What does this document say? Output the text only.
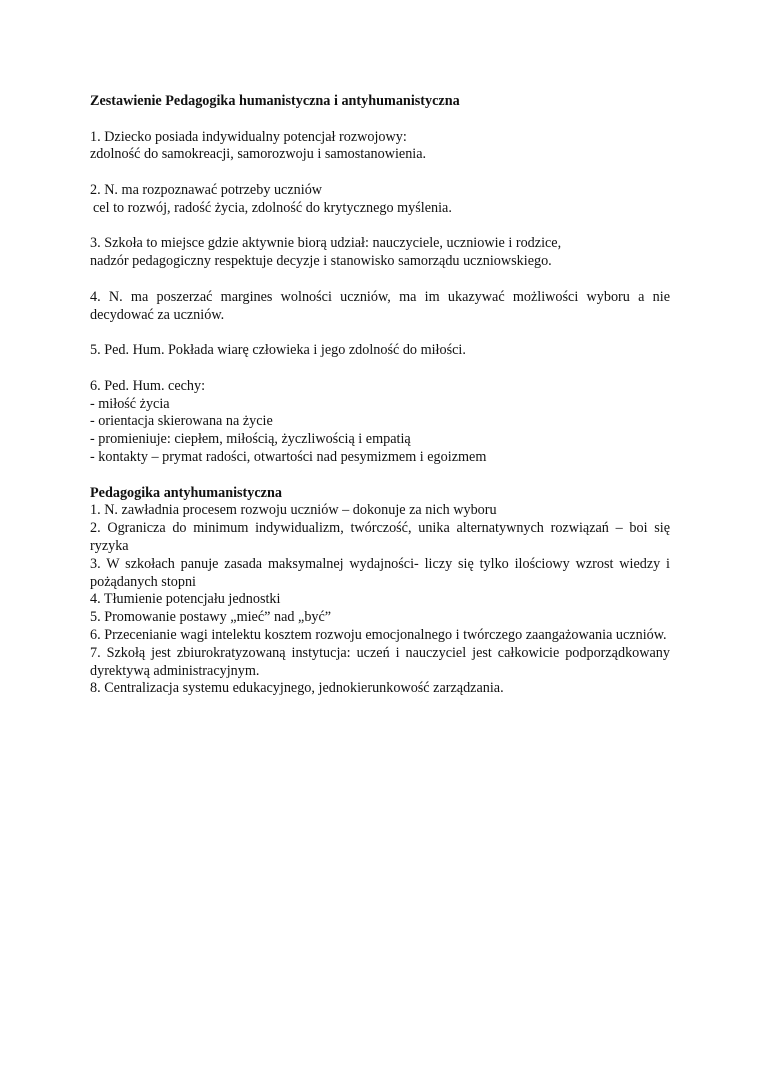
Zestawienie Pedagogika humanistyczna i antyhumanistyczna

1. Dziecko posiada indywidualny potencjał rozwojowy:
zdolność do samokreacji, samorozwoju i samostanowienia.
2. N. ma rozpoznawać potrzeby uczniów
cel to rozwój, radość życia, zdolność do krytycznego myślenia.
3. Szkoła to miejsce gdzie aktywnie biorą udział: nauczyciele, uczniowie i rodzice,
nadzór pedagogiczny respektuje decyzje i stanowisko samorządu uczniowskiego.

4. N. ma poszerzać margines wolności uczniów, ma im ukazywać możliwości wyboru a nie decydować za uczniów.

5. Ped. Hum. Pokłada wiarę człowieka i jego zdolność do miłości.

6. Ped. Hum. cechy:
- miłość życia
- orientacja skierowana na życie
- promieniuje: ciepłem, miłością, życzliwością i empatią
- kontakty – prymat radości, otwartości nad pesymizmem i egoizmem
Pedagogika antyhumanistyczna
1. N. zawładnia procesem rozwoju uczniów – dokonuje za nich wyboru
2. Ogranicza do minimum indywidualizm, twórczość, unika alternatywnych rozwiązań – boi się ryzyka
3. W szkołach panuje zasada maksymalnej wydajności- liczy się tylko ilościowy wzrost wiedzy i pożądanych stopni
4. Tłumienie potencjału jednostki
5. Promowanie postawy „mieć” nad „być”
6. Przecenianie wagi intelektu kosztem rozwoju emocjonalnego i twórczego zaangażowania uczniów.
7. Szkołą jest zbiurokratyzowaną instytucja: uczeń i nauczyciel jest całkowicie podporządkowany dyrektywą administracyjnym.
8. Centralizacja systemu edukacyjnego, jednokierunkowość zarządzania.
